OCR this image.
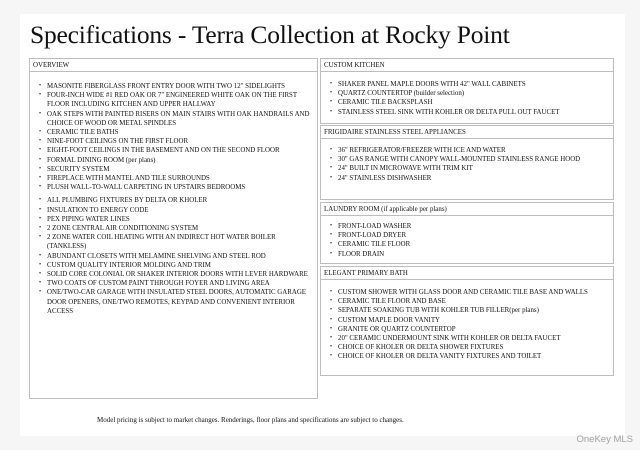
Specifications - Terra Collection at Rocky Point
OVERVIEW
• MASONITE FIBERGLASS FRONT ENTRY DOOR WITH TWO 12" SIDELIGHTS
• FOUR-INCH WIDE #1 RED OAK OR 7" ENGINEERED WHITE OAK ON THE FIRST FLOOR INCLUDING KITCHEN AND UPPER HALLWAY
• OAK STEPS WITH PAINTED RISERS ON MAIN STAIRS WITH OAK HANDRAILS AND CHOICE OF WOOD OR METAL SPINDLES
• CERAMIC TILE BATHS
• NINE-FOOT CEILINGS ON THE FIRST FLOOR
• EIGHT-FOOT CEILINGS IN THE BASEMENT AND ON THE SECOND FLOOR
• FORMAL DINING ROOM (per plans)
• SECURITY SYSTEM
• FIREPLACE WITH MANTEL AND TILE SURROUNDS
• PLUSH WALL-TO-WALL CARPETING IN UPSTAIRS BEDROOMS
• ALL PLUMBING FIXTURES BY DELTA OR KHOLER
• INSULATION TO ENERGY CODE
• PEX PIPING WATER LINES
• 2 ZONE CENTRAL AIR CONDITIONING SYSTEM
• 2 ZONE WATER COIL HEATING WITH AN INDIRECT HOT WATER BOILER (TANKLESS)
• ABUNDANT CLOSETS WITH MELAMINE SHELVING AND STEEL ROD
• CUSTOM QUALITY INTERIOR MOLDING AND TRIM
• SOLID CORE COLONIAL OR SHAKER INTERIOR DOORS WITH LEVER HARDWARE
• TWO COATS OF CUSTOM PAINT THROUGH FOYER AND LIVING AREA
• ONE/TWO-CAR GARAGE WITH INSULATED STEEL DOORS, AUTOMATIC GARAGE DOOR OPENERS, ONE/TWO REMOTES, KEYPAD AND CONVENIENT INTERIOR ACCESS
CUSTOM KITCHEN
• SHAKER PANEL MAPLE DOORS WITH 42" WALL CABINETS
• QUARTZ COUNTERTOP (builder selection)
• CERAMIC TILE BACKSPLASH
• STAINLESS STEEL SINK WITH KOHLER OR DELTA PULL OUT FAUCET
FRIGIDAIRE STAINLESS STEEL APPLIANCES
• 36" REFRIGERATOR/FREEZER WITH ICE AND WATER
• 30" GAS RANGE WITH CANOPY WALL-MOUNTED STAINLESS RANGE HOOD
• 24" BUILT IN MICROWAVE WITH TRIM KIT
• 24" STAINLESS DISHWASHER
LAUNDRY ROOM (if applicable per plans)
• FRONT-LOAD WASHER
• FRONT-LOAD DRYER
• CERAMIC TILE FLOOR
• FLOOR DRAIN
ELEGANT PRIMARY BATH
• CUSTOM SHOWER WITH GLASS DOOR AND CERAMIC TILE BASE AND WALLS
• CERAMIC TILE FLOOR AND BASE
• SEPARATE SOAKING TUB WITH KOHLER TUB FILLER(per plans)
• CUSTOM MAPLE DOOR VANITY
• GRANITE OR QUARTZ COUNTERTOP
• 20" CERAMIC UNDERMOUNT SINK WITH KOHLER OR DELTA FAUCET
• CHOICE OF KHOLER OR DELTA SHOWER FIXTURES
• CHOICE OF KHOLER OR DELTA VANITY FIXTURES AND TOILET
Model pricing is subject to market changes. Renderings, floor plans and specifications are subject to changes.
OneKey MLS
